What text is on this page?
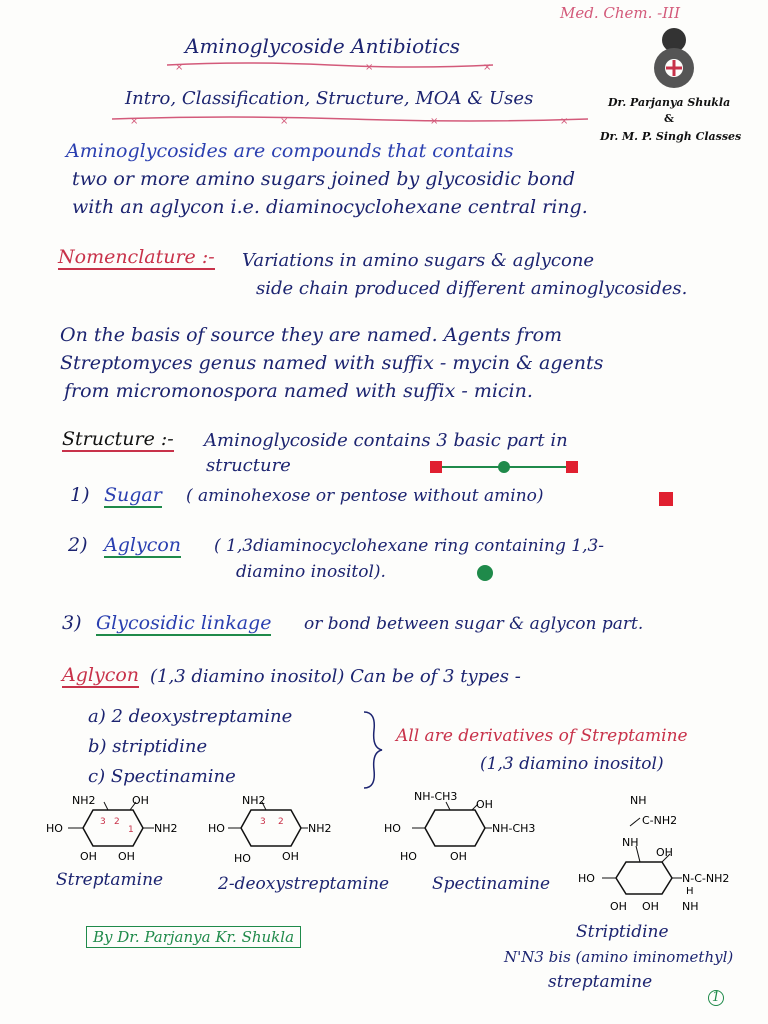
Med. Chem. -III
Aminoglycoside Antibiotics
×	×	×
Intro, Classification, Structure, MOA & Uses
×	×	×	×
Dr. Parjanya Shukla
&
Dr. M. P. Singh Classes
Aminoglycosides are compounds that contains
two or more amino sugars joined by glycosidic bond
with an aglycon i.e. diaminocyclohexane central ring.
Nomenclature :- Variations in amino sugars & aglycone
side chain produced different aminoglycosides.
On the basis of source they are named. Agents from
Streptomyces genus named with suffix - mycin & agents
from micromonospora named with suffix - micin.
Structure :- Aminoglycoside contains 3 basic part in
structure
1) Sugar ( aminohexose or pentose without amino)
2) Aglycon ( 1,3diaminocyclohexane ring containing 1,3-
diamino inositol).
3) Glycosidic linkage or bond between sugar & aglycon part.
Aglycon (1,3 diamino inositol) Can be of 3 types -
a) 2 deoxystreptamine
b) striptidine
c) Spectinamine
All are derivatives of Streptamine
(1,3 diamino inositol)
NH2	OH
HO	NH2
OH OH
3 2
1
Streptamine
NH2
HO	NH2
HO	OH
3 2
2-deoxystreptamine
NH-CH3
OH
HO	NH-CH3
HO	OH
Spectinamine
NH
C-NH2
NH
OH
HO	N-C-NH2
H
OH OH NH
Striptidine
N'N3 bis (amino iminomethyl)
streptamine
By Dr. Parjanya Kr. Shukla
1
